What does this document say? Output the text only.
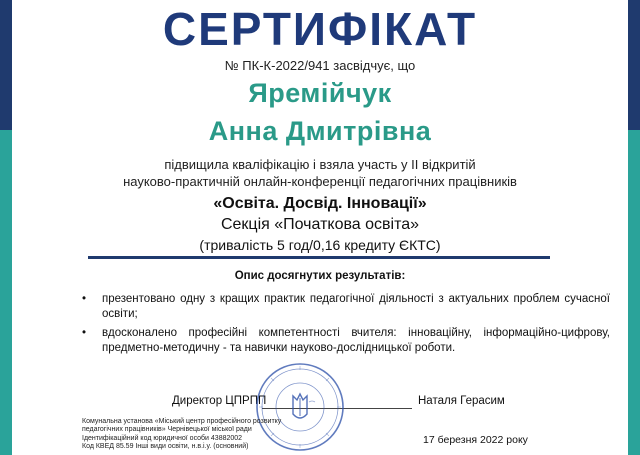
СЕРТИФІКАТ
№ ПК-К-2022/941 засвідчує, що
Яремійчук
Анна Дмитрівна
підвищила кваліфікацію і взяла участь у ІІ відкритій
науково-практичній онлайн-конференції педагогічних працівників
«Освіта. Досвід. Інновації»
Секція «Початкова освіта»
(тривалість 5 год/0,16 кредиту ЄКТС)
Опис досягнутих результатів:
• презентовано одну з кращих практик педагогічної діяльності з актуальних проблем сучасної освіти;
• вдосконалено професійні компетентності вчителя: інноваційну, інформаційно-цифрову, предметно-методичну - та навички науково-дослідницької роботи.
Директор ЦПРПП	Наталя Герасим
Комунальна установа «Міський центр професійного розвитку
педагогічних працівників» Чернівецької міської ради
Ідентифікаційний код юридичної особи 43882002
Код КВЕД 85.59 Інші види освіти, н.в.і.у. (основний)
17 березня 2022 року
